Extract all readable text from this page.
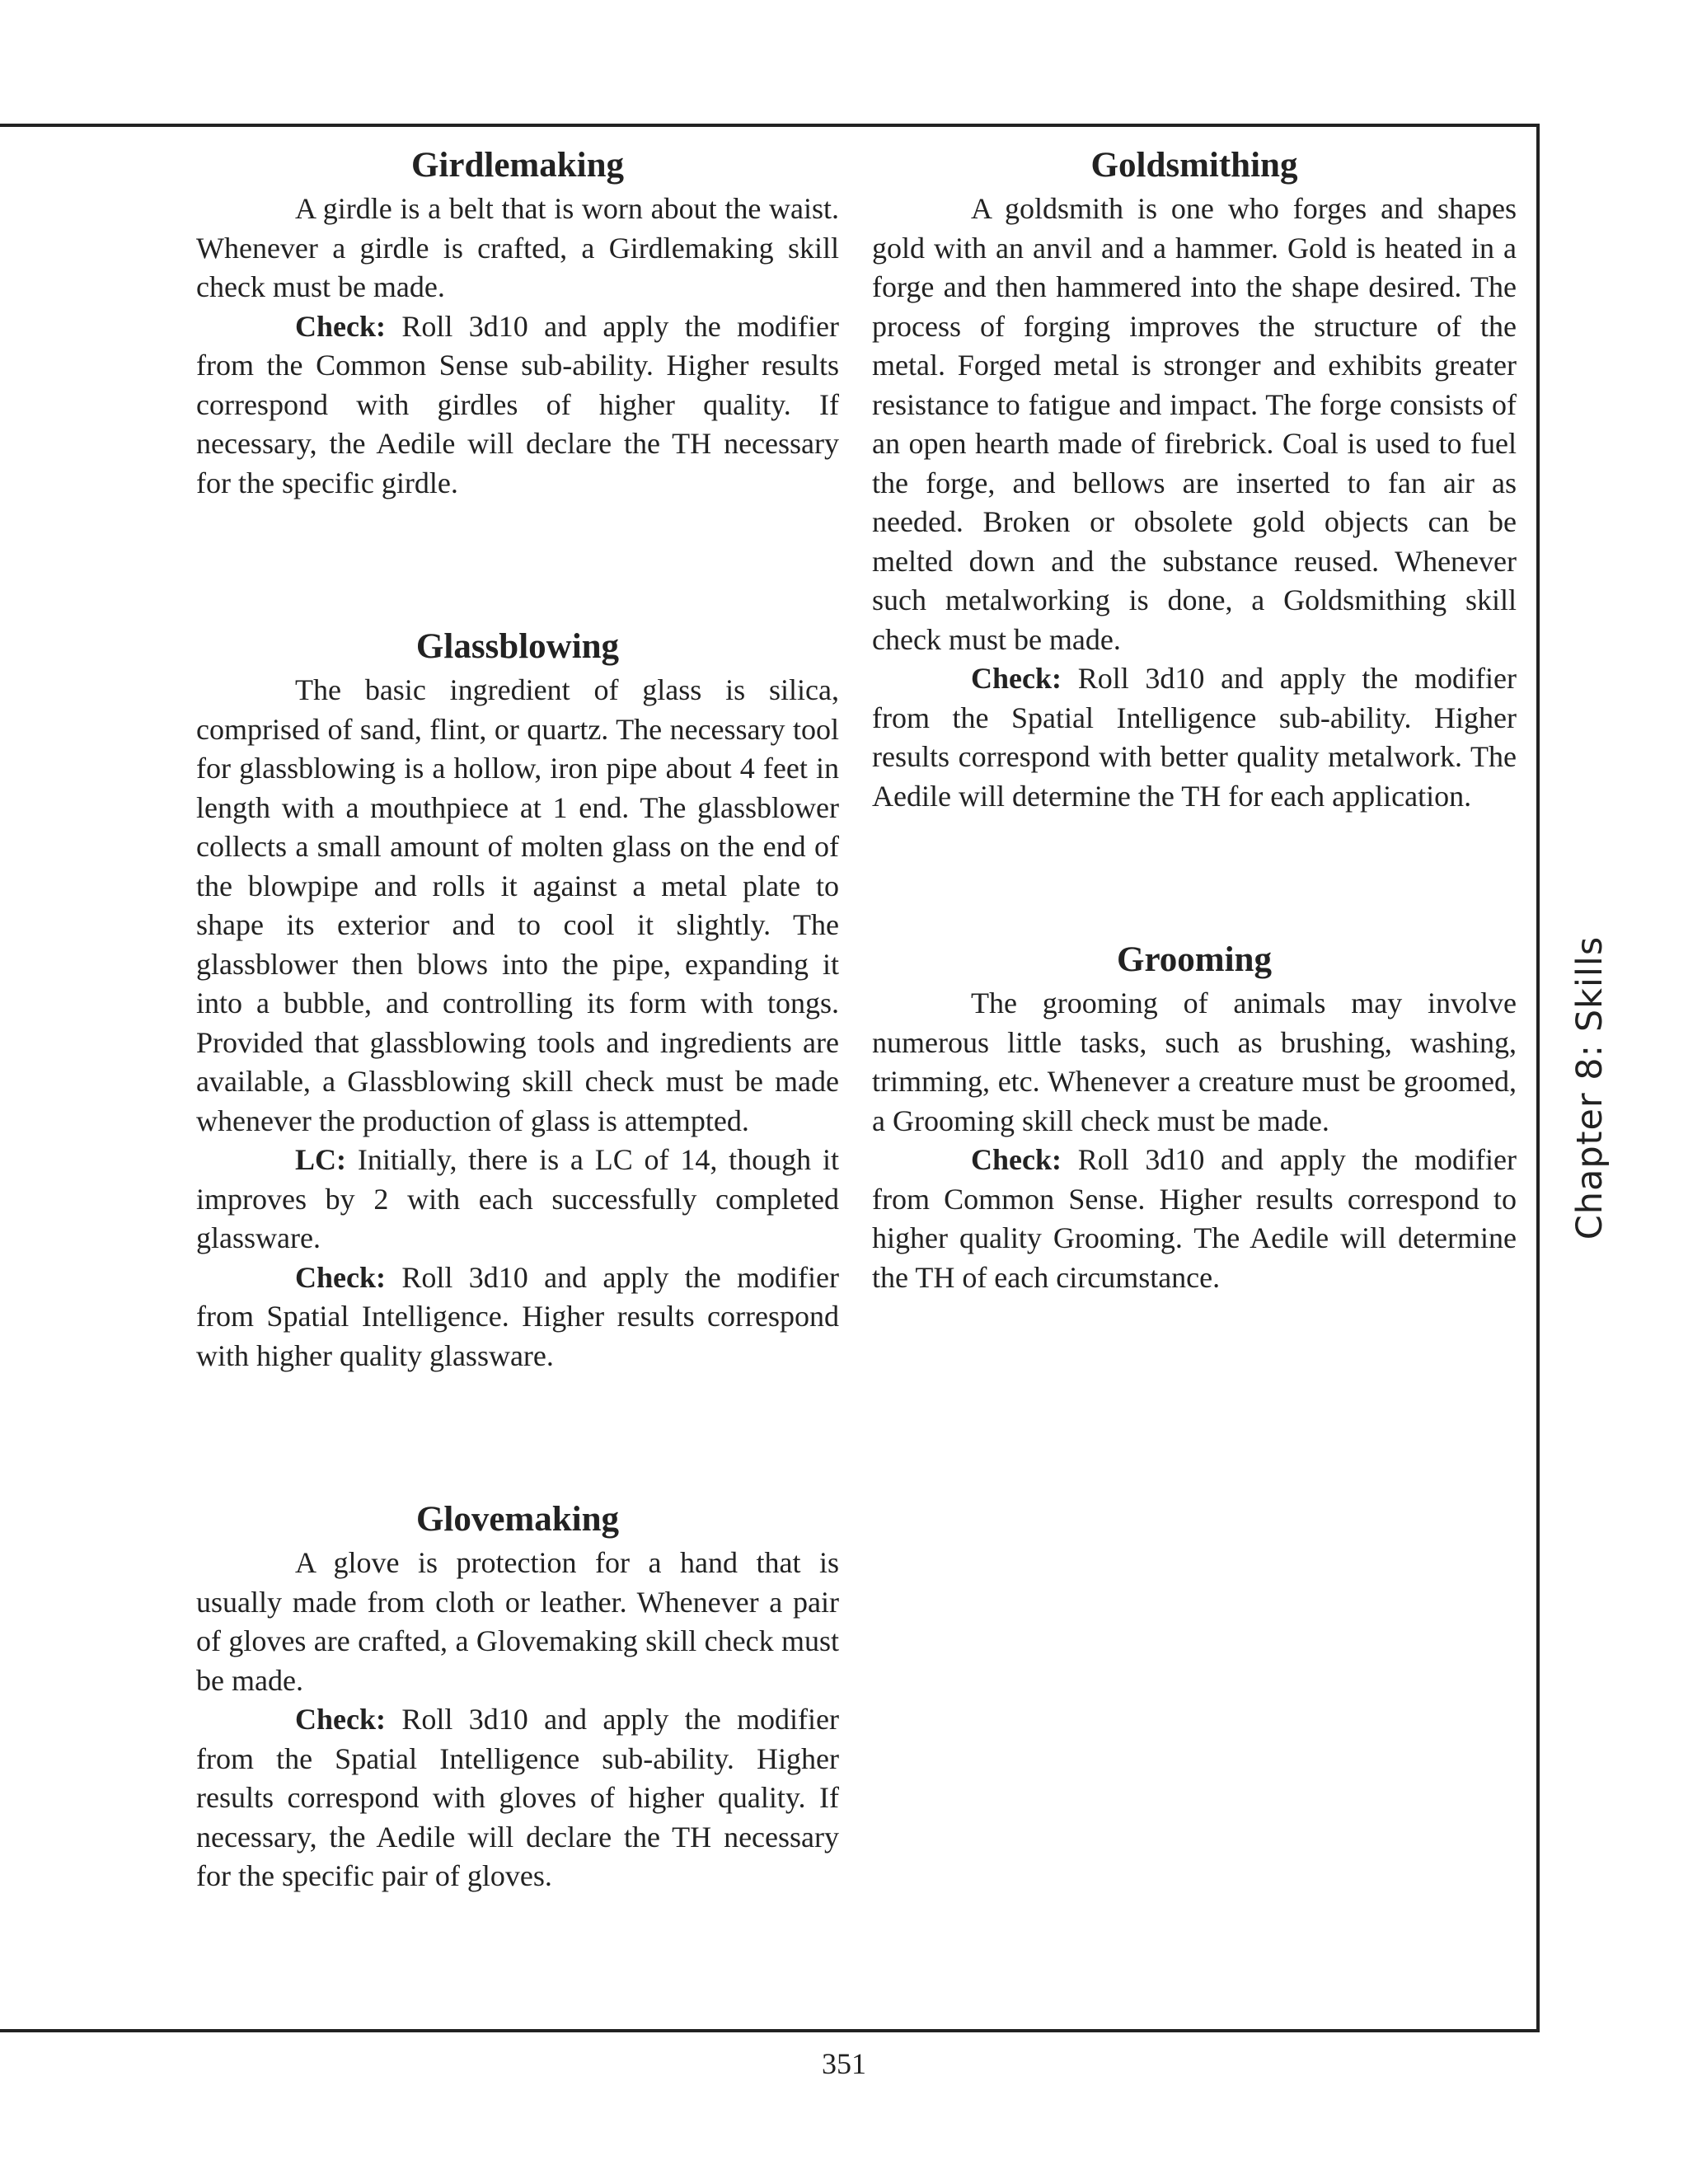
Girdlemaking

A girdle is a belt that is worn about the waist. Whenever a girdle is crafted, a Girdlemaking skill check must be made.

Check: Roll 3d10 and apply the modifier from the Common Sense sub-ability. Higher results correspond with girdles of higher quality. If necessary, the Aedile will declare the TH necessary for the specific girdle.

Glassblowing

The basic ingredient of glass is silica, comprised of sand, flint, or quartz. The necessary tool for glassblowing is a hollow, iron pipe about 4 feet in length with a mouthpiece at 1 end. The glassblower collects a small amount of molten glass on the end of the blowpipe and rolls it against a metal plate to shape its exterior and to cool it slightly. The glassblower then blows into the pipe, expanding it into a bubble, and controlling its form with tongs. Provided that glassblowing tools and ingredients are available, a Glassblowing skill check must be made whenever the production of glass is attempted.

LC: Initially, there is a LC of 14, though it improves by 2 with each successfully completed glassware.

Check: Roll 3d10 and apply the modifier from Spatial Intelligence. Higher results correspond with higher quality glassware.

Glovemaking

A glove is protection for a hand that is usually made from cloth or leather. Whenever a pair of gloves are crafted, a Glovemaking skill check must be made.

Check: Roll 3d10 and apply the modifier from the Spatial Intelligence sub-ability. Higher results correspond with gloves of higher quality. If necessary, the Aedile will declare the TH necessary for the specific pair of gloves.

Goldsmithing

A goldsmith is one who forges and shapes gold with an anvil and a hammer. Gold is heated in a forge and then hammered into the shape desired. The process of forging improves the structure of the metal. Forged metal is stronger and exhibits greater resistance to fatigue and impact. The forge consists of an open hearth made of firebrick. Coal is used to fuel the forge, and bellows are inserted to fan air as needed. Broken or obsolete gold objects can be melted down and the substance reused. Whenever such metalworking is done, a Goldsmithing skill check must be made.

Check: Roll 3d10 and apply the modifier from the Spatial Intelligence sub-ability. Higher results correspond with better quality metalwork. The Aedile will determine the TH for each application.

Grooming

The grooming of animals may involve numerous little tasks, such as brushing, washing, trimming, etc. Whenever a creature must be groomed, a Grooming skill check must be made.

Check: Roll 3d10 and apply the modifier from Common Sense. Higher results correspond to higher quality Grooming. The Aedile will determine the TH of each circumstance.

Chapter 8: Skills
351
